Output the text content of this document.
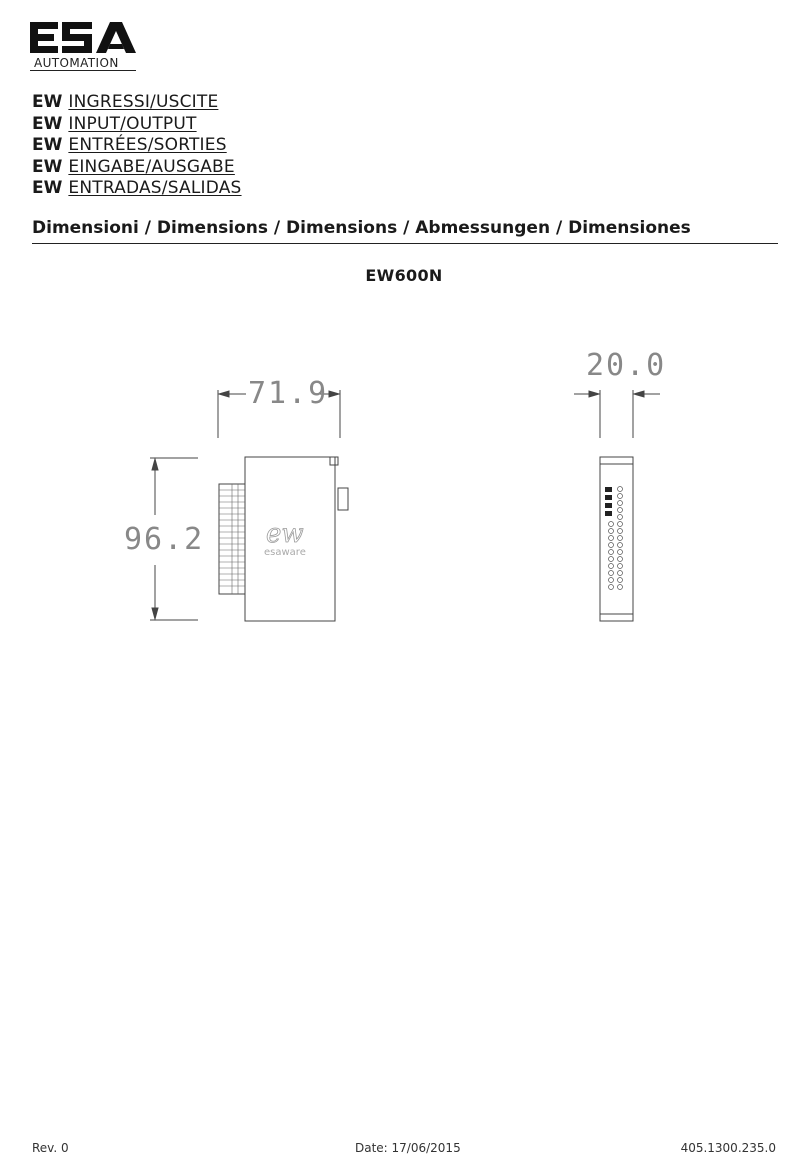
AUTOMATION
EW INGRESSI/USCITE
EW INPUT/OUTPUT
EW ENTRÉES/SORTIES
EW EINGABE/AUSGABE
EW ENTRADAS/SALIDAS
Dimensioni / Dimensions / Dimensions / Abmessungen / Dimensiones
EW600N
ew
esaware
71.9
96.2
20.0
Rev. 0	Date: 17/06/2015	405.1300.235.0
